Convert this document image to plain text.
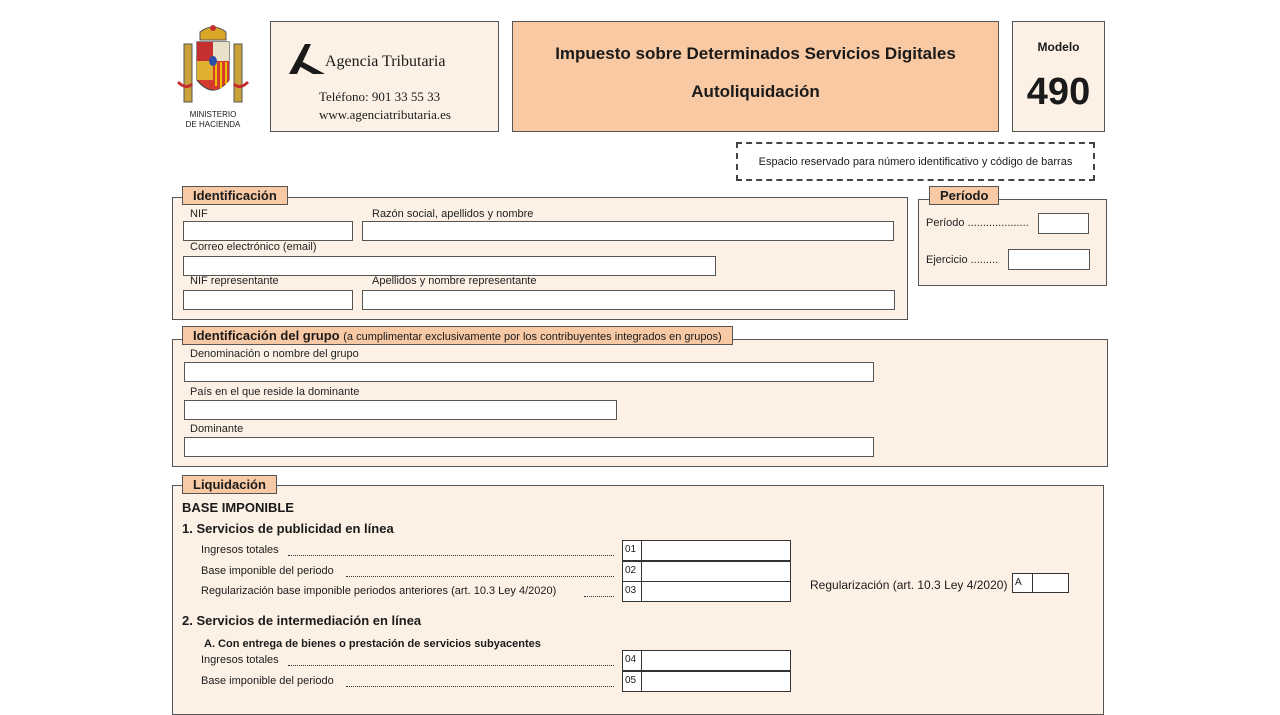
MINISTERIO
DE HACIENDA
Agencia Tributaria
Teléfono: 901 33 55 33
www.agenciatributaria.es
Impuesto sobre Determinados Servicios Digitales
Autoliquidación
Modelo
490
Espacio reservado para número identificativo y código de barras
Identificación
NIF	Razón social, apellidos y nombre
Correo electrónico (email)
NIF representante	Apellidos y nombre representante
Período
Período ....................
Ejercicio .........
Identificación del grupo (a cumplimentar exclusivamente por los contribuyentes integrados en grupos)
Denominación o nombre del grupo
País en el que reside la dominante
Dominante
Liquidación
BASE IMPONIBLE
1. Servicios de publicidad en línea
Ingresos totales	01
Base imponible del periodo	02
Regularización base imponible periodos anteriores (art. 10.3 Ley 4/2020)	03	Regularización (art. 10.3 Ley 4/2020) A
2. Servicios de intermediación en línea
A. Con entrega de bienes o prestación de servicios subyacentes
Ingresos totales	04
Base imponible del periodo	05
